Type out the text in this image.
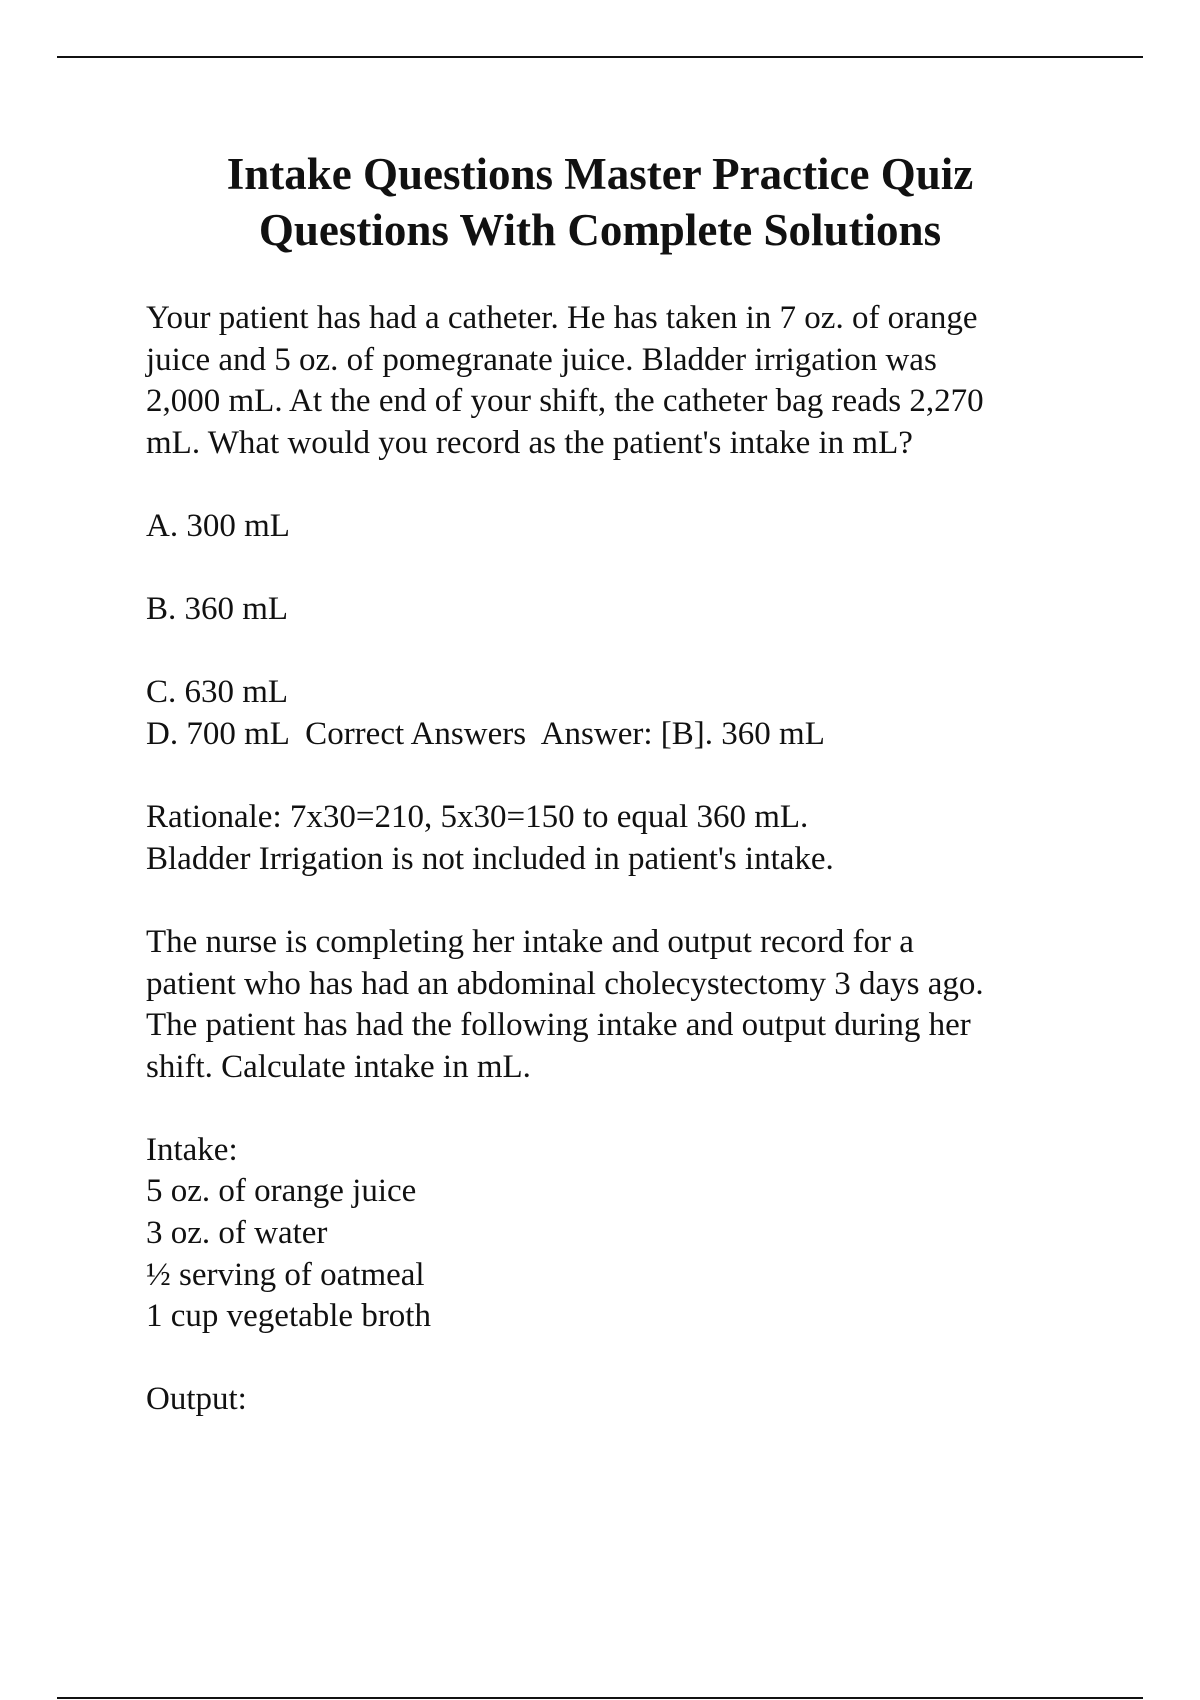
Intake Questions Master Practice Quiz
Questions With Complete Solutions

Your patient has had a catheter. He has taken in 7 oz. of orange
juice and 5 oz. of pomegranate juice. Bladder irrigation was
2,000 mL. At the end of your shift, the catheter bag reads 2,270
mL. What would you record as the patient's intake in mL?

A. 300 mL

B. 360 mL

C. 630 mL

D. 700 mL  Correct Answers  Answer: [B]. 360 mL

Rationale: 7x30=210, 5x30=150 to equal 360 mL.
Bladder Irrigation is not included in patient's intake.

The nurse is completing her intake and output record for a
patient who has had an abdominal cholecystectomy 3 days ago.
The patient has had the following intake and output during her
shift. Calculate intake in mL.

Intake:
5 oz. of orange juice
3 oz. of water
½ serving of oatmeal
1 cup vegetable broth

Output:
